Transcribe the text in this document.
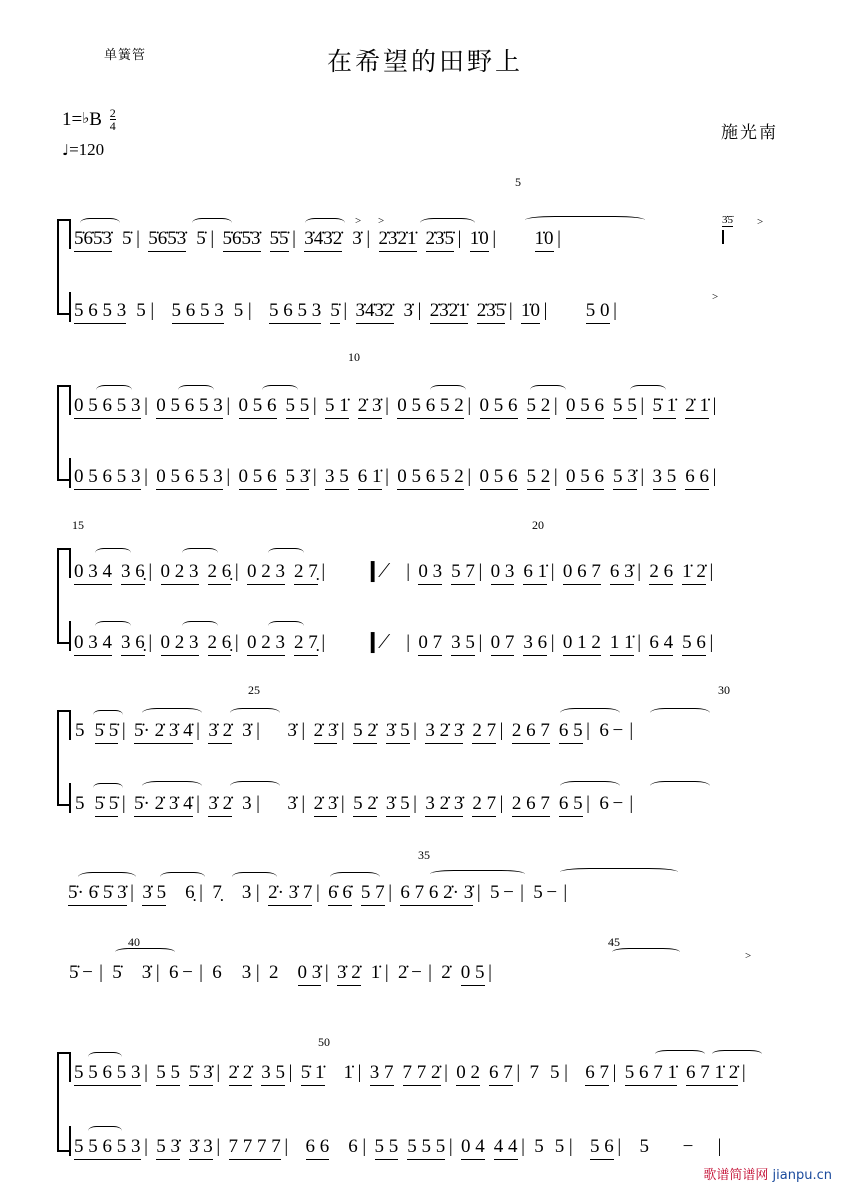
单簧管	在希望的田野上
施光南
1=♭B $\frac{2}{4}$
♩=120
5
10
15	20
25	30
35
40	45
50
> >	>
3̇5̇
5̇6̇5̇3̇ 5̇ | 5̇6̇5̇3̇ 5̇ | 5̇6̇5̇3̇ 5̇5̇ | 3̇4̇3̇2̇ 3̇ | 2̇3̇2̇1̇ 2̇3̇5̇ | 1̇0 | 1̇0|
5 6 5 3 5 | 5 6 5 3 5 | 5 6 5 3 5̇ | 3̇4̇3̇2̇ 3̇ | 2̇3̇2̇1̇ 2̇3̇5̇ | 1̇0 | 5 0|
>
0 5 6 5 3 | 0 5 6 5 3 | 0 5 6 5 5 | 5 1̇ 2̇ 3̇ | 0 5 6 5 2 | 0 5 6 5 2 | 0 5 6 5 5 | 5̇ 1̇ 2̇ 1̇|
0 5 6 5 3 | 0 5 6 5 3 | 0 5 6 5 3̇ | 3 5 6 1̇ | 0 5 6 5 2 | 0 5 6 5 2 | 0 5 6 5 3̇ | 3 5 6 6|
0 3 4 3 6̣ | 0 2 3 2 6̣ | 0 2 3 2 7̣ | ❙⁄ | 0 3 5 7 | 0 3 6 1̇ | 0 6 7 6 3̇ | 2 6 1̇ 2̇|
0 3 4 3 6̣ | 0 2 3 2 6̣ | 0 2 3 2 7̣ | ❙⁄ | 0 7 3 5 | 0 7 3 6 | 0 1 2 1 1̇ | 6 4 5 6|
5 5̇ 5̇ | 5̇· 2̇ 3̇ 4̇ | 3̇ 2̇ 3̇ | 3̇ | 2̇ 3̇ | 5 2̇ 3̇ 5 | 3 2̇ 3̇ 2 7 | 2 6 7 6 5 | 6 −|
5 5̇ 5̇ | 5̇· 2̇ 3̇ 4̇ | 3̇ 2̇ 3 | 3̇ | 2̇ 3̇ | 5 2̇ 3̇ 5 | 3 2̇ 3̇ 2 7 | 2 6 7 6 5 | 6 −|
5̇· 6̇ 5̇ 3̇ | 3̇ 5 6̣ | 7̣ 3 | 2̇· 3̇ 7 | 6̇ 6̇ 5 7 | 6 7 6 2̇· 3̇ | 5 − | 5 −|
>
5̇ − | 5̇ 3̇ | 6 − | 6 3 | 2 0 3̇ | 3̇ 2̇ 1̇ | 2̇ − | 2̇ 0 5|
5 5 6 5 3 | 5 5 5̇ 3̇ | 2̇ 2̇ 3 5 | 5̇ 1̇ 1̇ | 3 7 7 7 2̇ | 0 2 6 7 | 7 5 | 6 7 | 5 6 7 1̇ 6 7 1̇ 2̇|
5 5 6 5 3 | 5 3̇ 3̇ 3 | 7 7 7 7 | 6 6 6 | 5 5 5 5 5 | 0 4 4 4 | 5 5 | 5 6 | 5 −|
歌谱简谱网 jianpu.cn
